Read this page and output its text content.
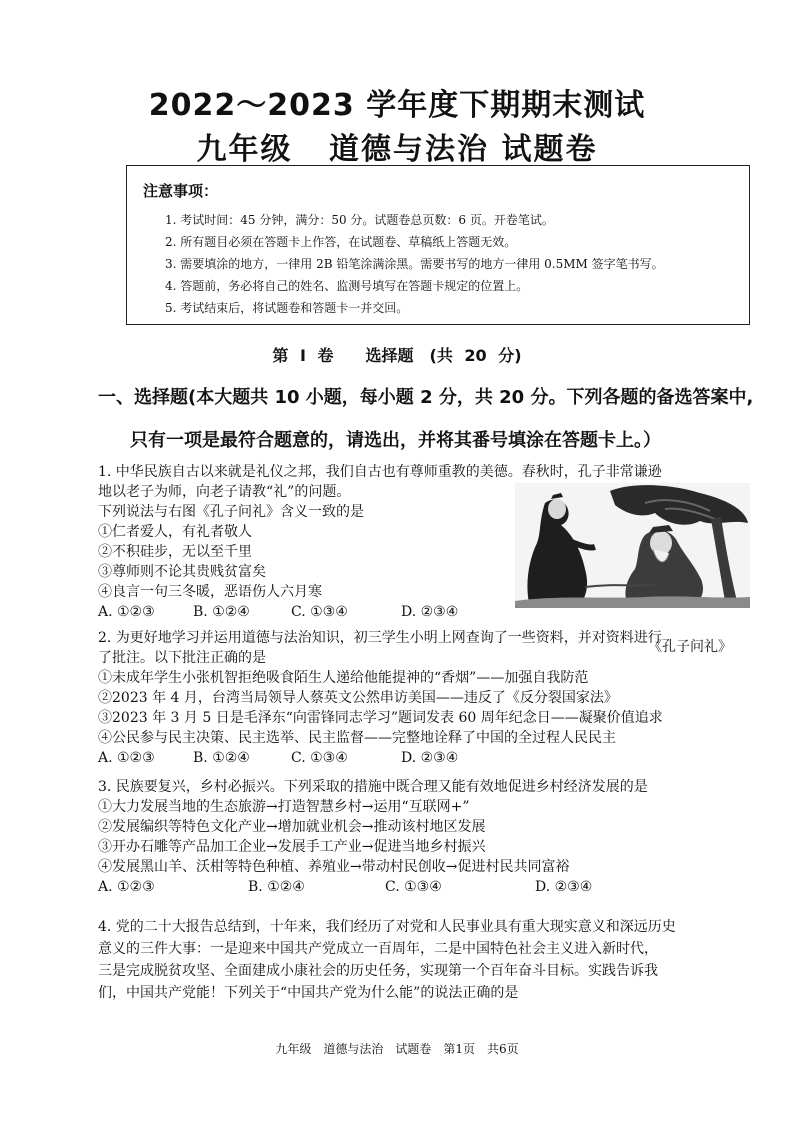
2022～2023 学年度下期期末测试
九年级 道德与法治 试题卷
注意事项：
1. 考试时间：45 分钟，满分：50 分。试题卷总页数：6 页。开卷笔试。
2. 所有题目必须在答题卡上作答，在试题卷、草稿纸上答题无效。
3. 需要填涂的地方，一律用 2B 铅笔涂满涂黑。需要书写的地方一律用 0.5MM 签字笔书写。
4. 答题前，务必将自己的姓名、监测号填写在答题卡规定的位置上。
5. 考试结束后，将试题卷和答题卡一并交回。
第 I 卷　　选择题　(共 20 分)
一、选择题(本大题共 10 小题，每小题 2 分，共 20 分。下列各题的备选答案中,
只有一项是最符合题意的，请选出，并将其番号填涂在答题卡上。）
1. 中华民族自古以来就是礼仪之邦，我们自古也有尊师重教的美德。春秋时，孔子非常谦逊
地以老子为师，向老子请教“礼”的问题。
下列说法与右图《孔子问礼》含义一致的是
①仁者爱人，有礼者敬人
②不积硅步，无以至千里
③尊师则不论其贵贱贫富矣
④良言一句三冬暖，恶语伤人六月寒
A. ①②③	B. ①②④	C. ①③④	D. ②③④
《孔子问礼》
2. 为更好地学习并运用道德与法治知识，初三学生小明上网查询了一些资料，并对资料进行
了批注。以下批注正确的是
①未成年学生小张机智拒绝吸食陌生人递给他能提神的“香烟”——加强自我防范
②2023 年 4 月，台湾当局领导人蔡英文公然串访美国——违反了《反分裂国家法》
③2023 年 3 月 5 日是毛泽东“向雷锋同志学习”题词发表 60 周年纪念日——凝聚价值追求
④公民参与民主决策、民主选举、民主监督——完整地诠释了中国的全过程人民民主
A. ①②③	B. ①②④	C. ①③④	D. ②③④
3. 民族要复兴，乡村必振兴。下列采取的措施中既合理又能有效地促进乡村经济发展的是
①大力发展当地的生态旅游→打造智慧乡村→运用“互联网+”
②发展编织等特色文化产业→增加就业机会→推动该村地区发展
③开办石雕等产品加工企业→发展手工产业→促进当地乡村振兴
④发展黑山羊、沃柑等特色种植、养殖业→带动村民创收→促进村民共同富裕
A. ①②③	B. ①②④	C. ①③④	D. ②③④
4. 党的二十大报告总结到，十年来，我们经历了对党和人民事业具有重大现实意义和深远历史
意义的三件大事：一是迎来中国共产党成立一百周年，二是中国特色社会主义进入新时代，
三是完成脱贫攻坚、全面建成小康社会的历史任务，实现第一个百年奋斗目标。实践告诉我
们，中国共产党能！下列关于“中国共产党为什么能”的说法正确的是
九年级　道德与法治　试题卷　第1页　共6页
